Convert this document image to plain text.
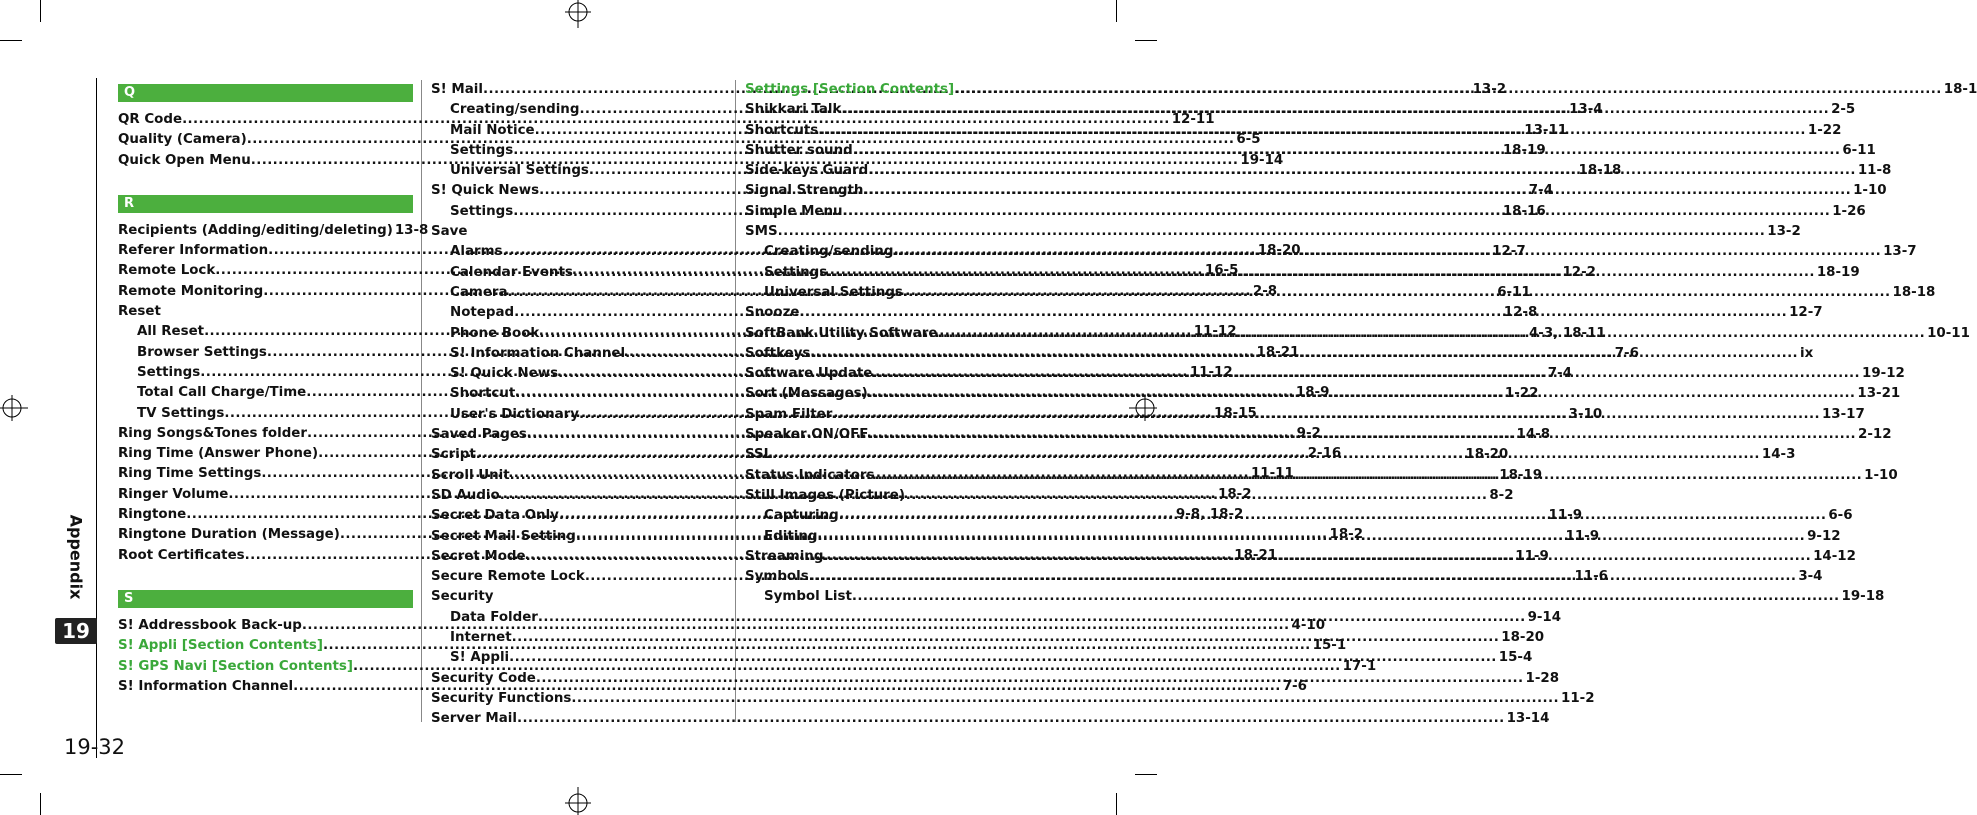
Appendix
19
19-32
Q
QR Code .....	12-11
Quality (Camera) .....	6-5
Quick Open Menu .....	19-14
R
Recipients (Adding/editing/deleting) 13-8
Referer Information .....	18-20
Remote Lock .....	16-5
Remote Monitoring .....	2-8
Reset
All Reset .....	11-12
Browser Settings .....	18-21
Settings .....	11-12
Total Call Charge/Time .....	18-9
TV Settings .....	18-15
Ring Songs&Tones folder .....	9-2
Ring Time (Answer Phone) .....	2-16
Ring Time Settings .....	11-11
Ringer Volume .....	18-2
Ringtone .....	9-8, 18-2
Ringtone Duration (Message) .....	18-2
Root Certificates .....	18-21
S
S! Addressbook Back-up .....	4-10
S! Appli [Section Contents] .....	15-1
S! GPS Navi [Section Contents] .....	17-1
S! Information Channel .....	7-6
S! Mail .....	13-2
Creating/sending .....	13-4
Mail Notice .....	13-11
Settings .....	18-19
Universal Settings .....	18-18
S! Quick News .....	7-4
Settings .....	18-16
Save
Alarms .....	12-7
Calendar Events .....	12-2
Camera .....	6-11
Notepad .....	12-8
Phone Book .....	4-3, 18-11
S! Information Channel .....	7-6
S! Quick News .....	7-4
Shortcut .....	1-22
User's Dictionary .....	3-10
Saved Pages .....	14-8
Script .....	18-20
Scroll Unit .....	18-19
SD Audio .....	8-2
Secret Data Only .....	11-9
Secret Mail Setting .....	11-9
Secret Mode .....	11-9
Secure Remote Lock .....	11-6
Security
Data Folder .....	9-14
Internet .....	18-20
S! Appli .....	15-4
Security Code .....	1-28
Security Functions .....	11-2
Server Mail .....	13-14
Settings [Section Contents] .....	18-1
Shikkari Talk .....	2-5
Shortcuts .....	1-22
Shutter sound .....	6-11
Side-keys Guard .....	11-8
Signal Strength .....	1-10
Simple Menu .....	1-26
SMS .....	13-2
Creating/sending .....	13-7
Settings .....	18-19
Universal Settings .....	18-18
Snooze .....	12-7
SoftBank Utility Software .....	10-11
Softkeys .....	ix
Software Update .....	19-12
Sort (Messages) .....	13-21
Spam Filter .....	13-17
Speaker ON/OFF .....	2-12
SSL .....	14-3
Status Indicators .....	1-10
Still Images (Picture)
Capturing .....	6-6
Editing .....	9-12
Streaming .....	14-12
Symbols .....	3-4
Symbol List .....	19-18
